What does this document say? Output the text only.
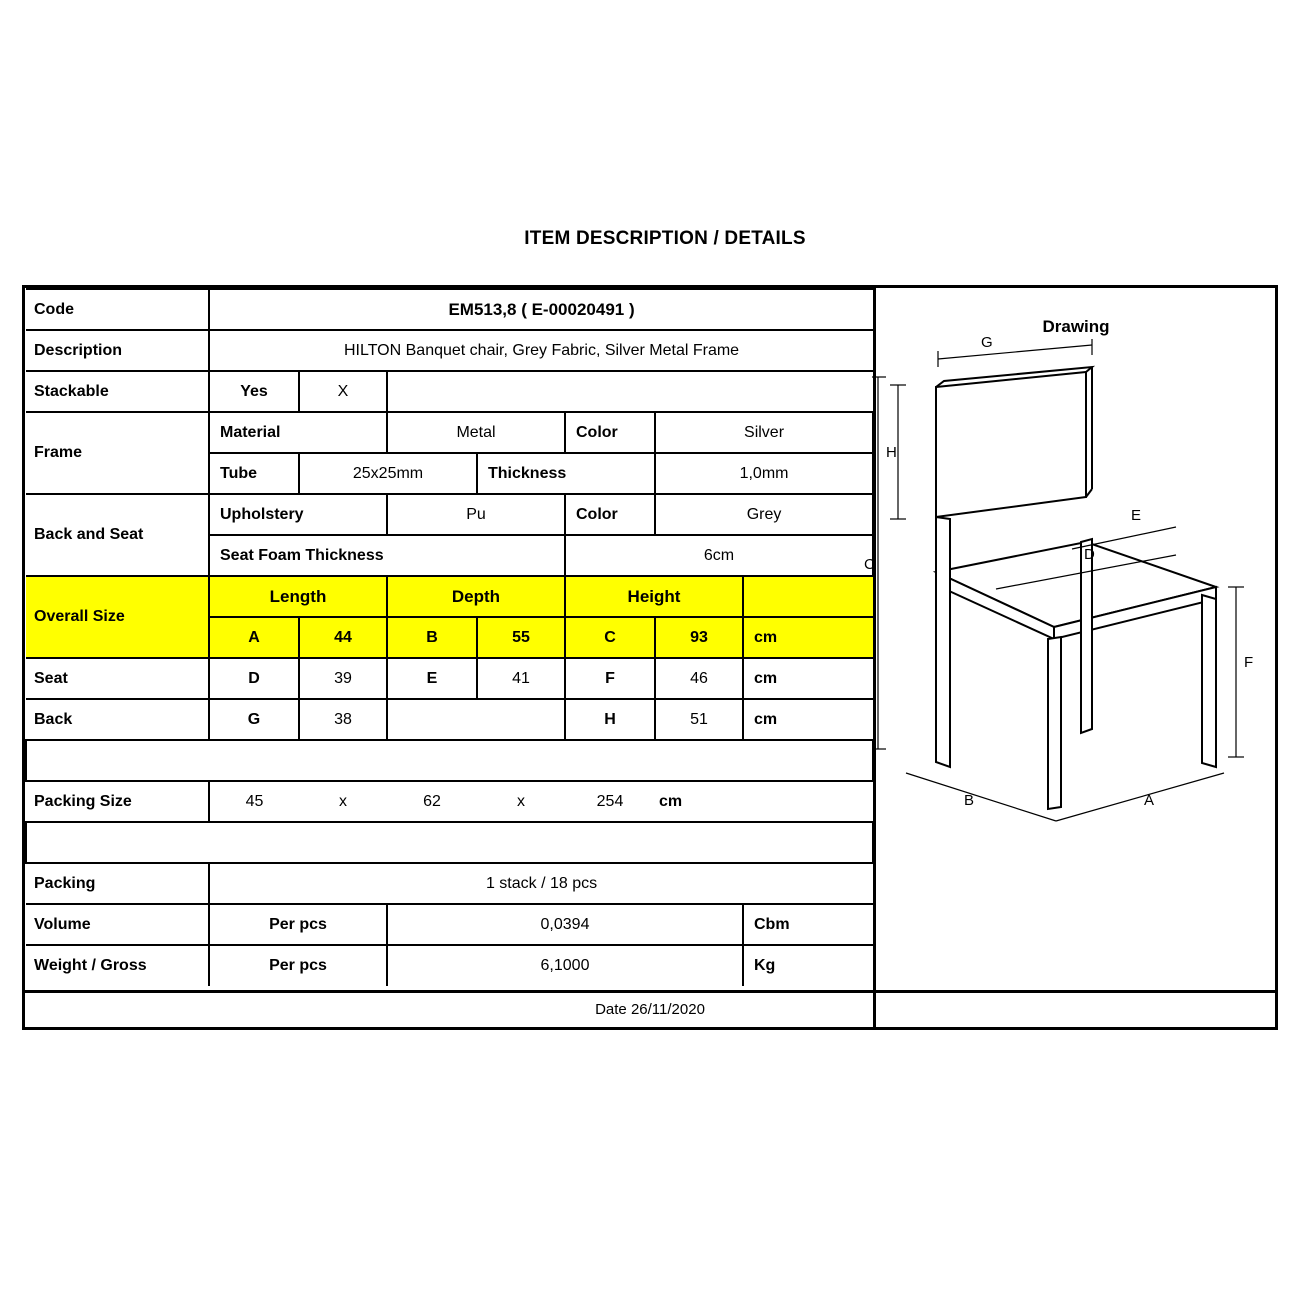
ITEM DESCRIPTION / DETAILS
Code	EM513,8 ( E-00020491 )						
Description	HILTON Banquet chair, Grey Fabric, Silver Metal Frame						
Stackable	Yes	X					
Frame	Material		Metal		Color	Silver	
	Tube	25x25mm		Thickness		1,0mm	
Back and Seat	Upholstery		Pu		Color	Grey	
	Seat Foam Thickness				6cm		
Overall Size	Length		Depth		Height		
	A	44	B	55	C	93	cm
Seat	D	39	E	41	F	46	cm
Back	G	38			H	51	cm

Packing Size	45	x	62	x	254	cm	

Packing	1 stack / 18 pcs						
Volume	Per pcs		0,0394				Cbm
Weight / Gross	Per pcs		6,1000				Kg
Drawing
G
H
C
E
D
F
B	A
Date 26/11/2020
